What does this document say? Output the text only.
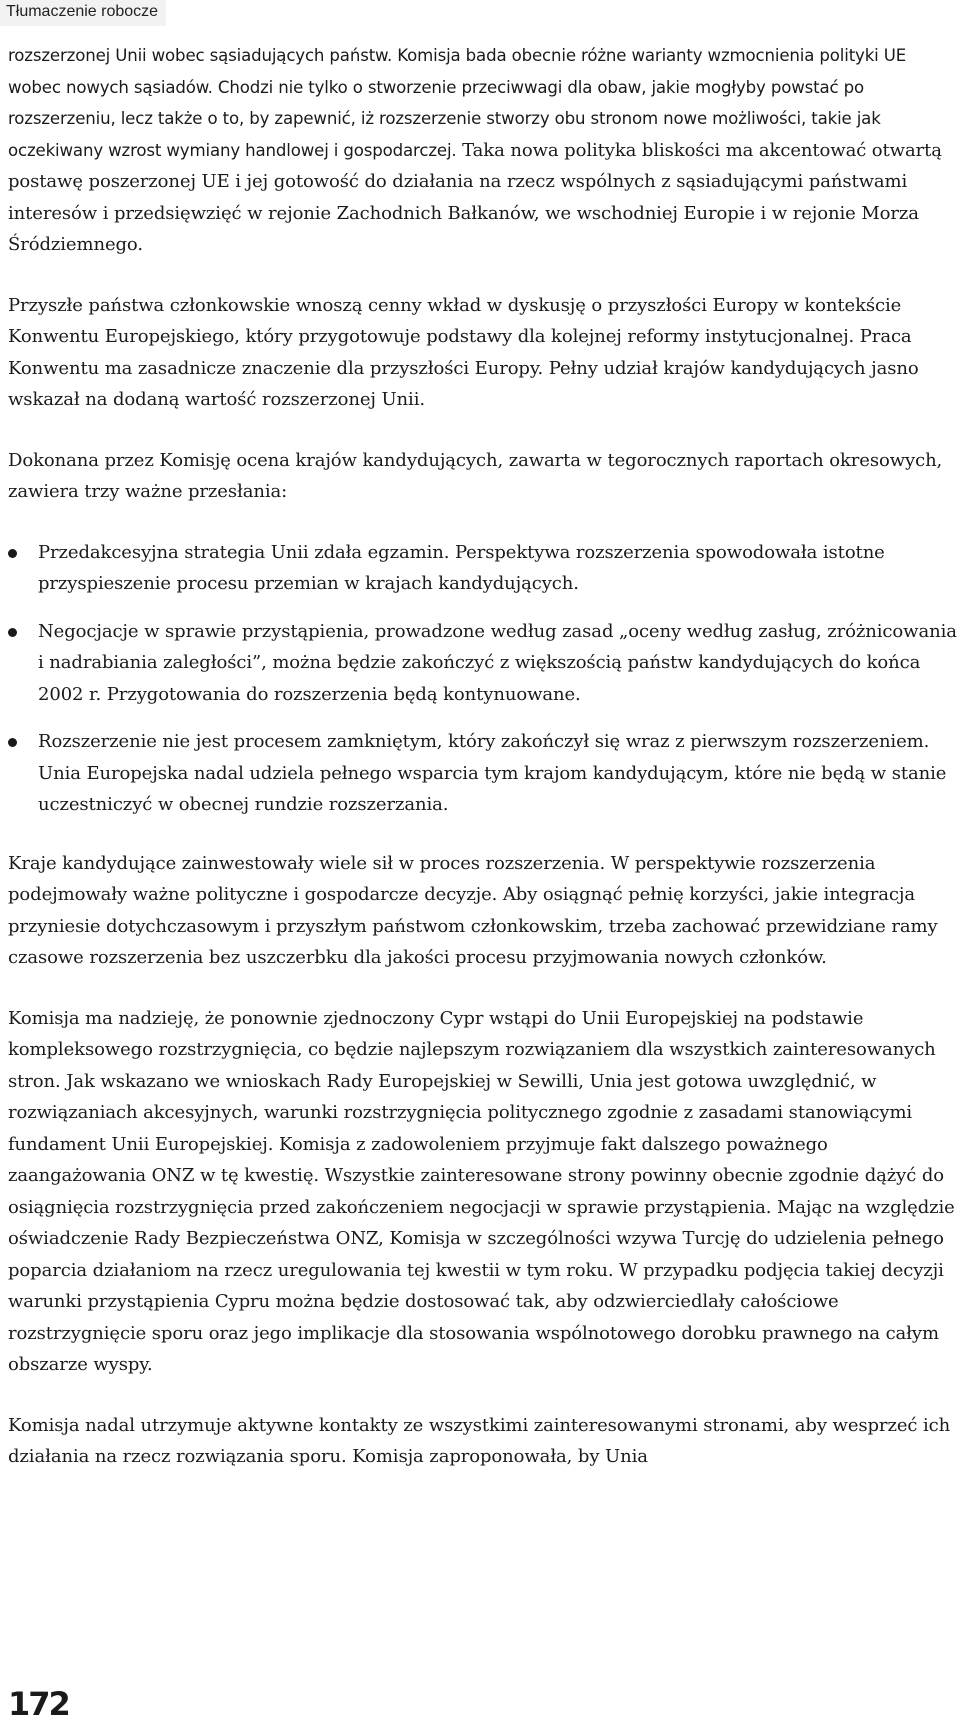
Tłumaczenie robocze

rozszerzonej Unii wobec sąsiadujących państw. Komisja bada obecnie różne warianty wzmocnienia polityki UE wobec nowych sąsiadów. Chodzi nie tylko o stworzenie przeciwwagi dla obaw, jakie mogłyby powstać po rozszerzeniu, lecz także o to, by zapewnić, iż rozszerzenie stworzy obu stronom nowe możliwości, takie jak oczekiwany wzrost wymiany handlowej i gospodarczej. Taka nowa polityka bliskości ma akcentować otwartą postawę poszerzonej UE i jej gotowość do działania na rzecz wspólnych z sąsiadującymi państwami interesów i przedsięwzięć w rejonie Zachodnich Bałkanów, we wschodniej Europie i w rejonie Morza Śródziemnego.

Przyszłe państwa członkowskie wnoszą cenny wkład w dyskusję o przyszłości Europy w kontekście Konwentu Europejskiego, który przygotowuje podstawy dla kolejnej reformy instytucjonalnej. Praca Konwentu ma zasadnicze znaczenie dla przyszłości Europy. Pełny udział krajów kandydujących jasno wskazał na dodaną wartość rozszerzonej Unii.

Dokonana przez Komisję ocena krajów kandydujących, zawarta w tegorocznych raportach okresowych, zawiera trzy ważne przesłania:

Przedakcesyjna strategia Unii zdała egzamin. Perspektywa rozszerzenia spowodowała istotne przyspieszenie procesu przemian w krajach kandydujących.
Negocjacje w sprawie przystąpienia, prowadzone według zasad „oceny według zasług, zróżnicowania i nadrabiania zaległości”, można będzie zakończyć z większością państw kandydujących do końca 2002 r. Przygotowania do rozszerzenia będą kontynuowane.
Rozszerzenie nie jest procesem zamkniętym, który zakończył się wraz z pierwszym rozszerzeniem. Unia Europejska nadal udziela pełnego wsparcia tym krajom kandydującym, które nie będą w stanie uczestniczyć w obecnej rundzie rozszerzania.

Kraje kandydujące zainwestowały wiele sił w proces rozszerzenia. W perspektywie rozszerzenia podejmowały ważne polityczne i gospodarcze decyzje. Aby osiągnąć pełnię korzyści, jakie integracja przyniesie dotychczasowym i przyszłym państwom członkowskim, trzeba zachować przewidziane ramy czasowe rozszerzenia bez uszczerbku dla jakości procesu przyjmowania nowych członków.

Komisja ma nadzieję, że ponownie zjednoczony Cypr wstąpi do Unii Europejskiej na podstawie kompleksowego rozstrzygnięcia, co będzie najlepszym rozwiązaniem dla wszystkich zainteresowanych stron. Jak wskazano we wnioskach Rady Europejskiej w Sewilli, Unia jest gotowa uwzględnić, w rozwiązaniach akcesyjnych, warunki rozstrzygnięcia politycznego zgodnie z zasadami stanowiącymi fundament Unii Europejskiej. Komisja z zadowoleniem przyjmuje fakt dalszego poważnego zaangażowania ONZ w tę kwestię. Wszystkie zainteresowane strony powinny obecnie zgodnie dążyć do osiągnięcia rozstrzygnięcia przed zakończeniem negocjacji w sprawie przystąpienia. Mając na względzie oświadczenie Rady Bezpieczeństwa ONZ, Komisja w szczególności wzywa Turcję do udzielenia pełnego poparcia działaniom na rzecz uregulowania tej kwestii w tym roku. W przypadku podjęcia takiej decyzji warunki przystąpienia Cypru można będzie dostosować tak, aby odzwierciedlały całościowe rozstrzygnięcie sporu oraz jego implikacje dla stosowania wspólnotowego dorobku prawnego na całym obszarze wyspy.

Komisja nadal utrzymuje aktywne kontakty ze wszystkimi zainteresowanymi stronami, aby wesprzeć ich działania na rzecz rozwiązania sporu. Komisja zaproponowała, by Unia

172
